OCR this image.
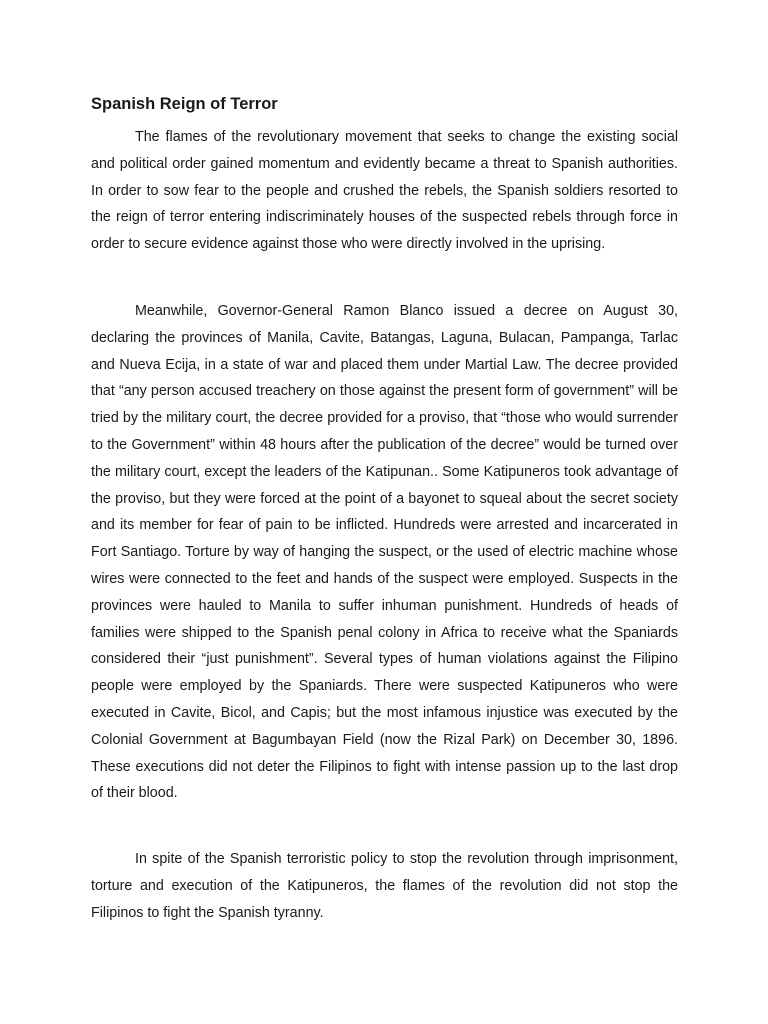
Spanish Reign of Terror

The flames of the revolutionary movement that seeks to change the existing social and political order gained momentum and evidently became a threat to Spanish authorities. In order to sow fear to the people and crushed the rebels, the Spanish soldiers resorted to the reign of terror entering indiscriminately houses of the suspected rebels through force in order to secure evidence against those who were directly involved in the uprising.

Meanwhile, Governor-General Ramon Blanco issued a decree on August 30, declaring the provinces of Manila, Cavite, Batangas, Laguna, Bulacan, Pampanga, Tarlac and Nueva Ecija, in a state of war and placed them under Martial Law. The decree provided that “any person accused treachery on those against the present form of government” will be tried by the military court, the decree provided for a proviso, that “those who would surrender to the Government” within 48 hours after the publication of the decree” would be turned over the military court, except the leaders of the Katipunan.. Some Katipuneros took advantage of the proviso, but they were forced at the point of a bayonet to squeal about the secret society and its member for fear of pain to be inflicted. Hundreds were arrested and incarcerated in Fort Santiago. Torture by way of hanging the suspect, or the used of electric machine whose wires were connected to the feet and hands of the suspect were employed. Suspects in the provinces were hauled to Manila to suffer inhuman punishment. Hundreds of heads of families were shipped to the Spanish penal colony in Africa to receive what the Spaniards considered their “just punishment”. Several types of human violations against the Filipino people were employed by the Spaniards. There were suspected Katipuneros who were executed in Cavite, Bicol, and Capis; but the most infamous injustice was executed by the Colonial Government at Bagumbayan Field (now the Rizal Park) on December 30, 1896. These executions did not deter the Filipinos to fight with intense passion up to the last drop of their blood.

In spite of the Spanish terroristic policy to stop the revolution through imprisonment, torture and execution of the Katipuneros, the flames of the revolution did not stop the Filipinos to fight the Spanish tyranny.
